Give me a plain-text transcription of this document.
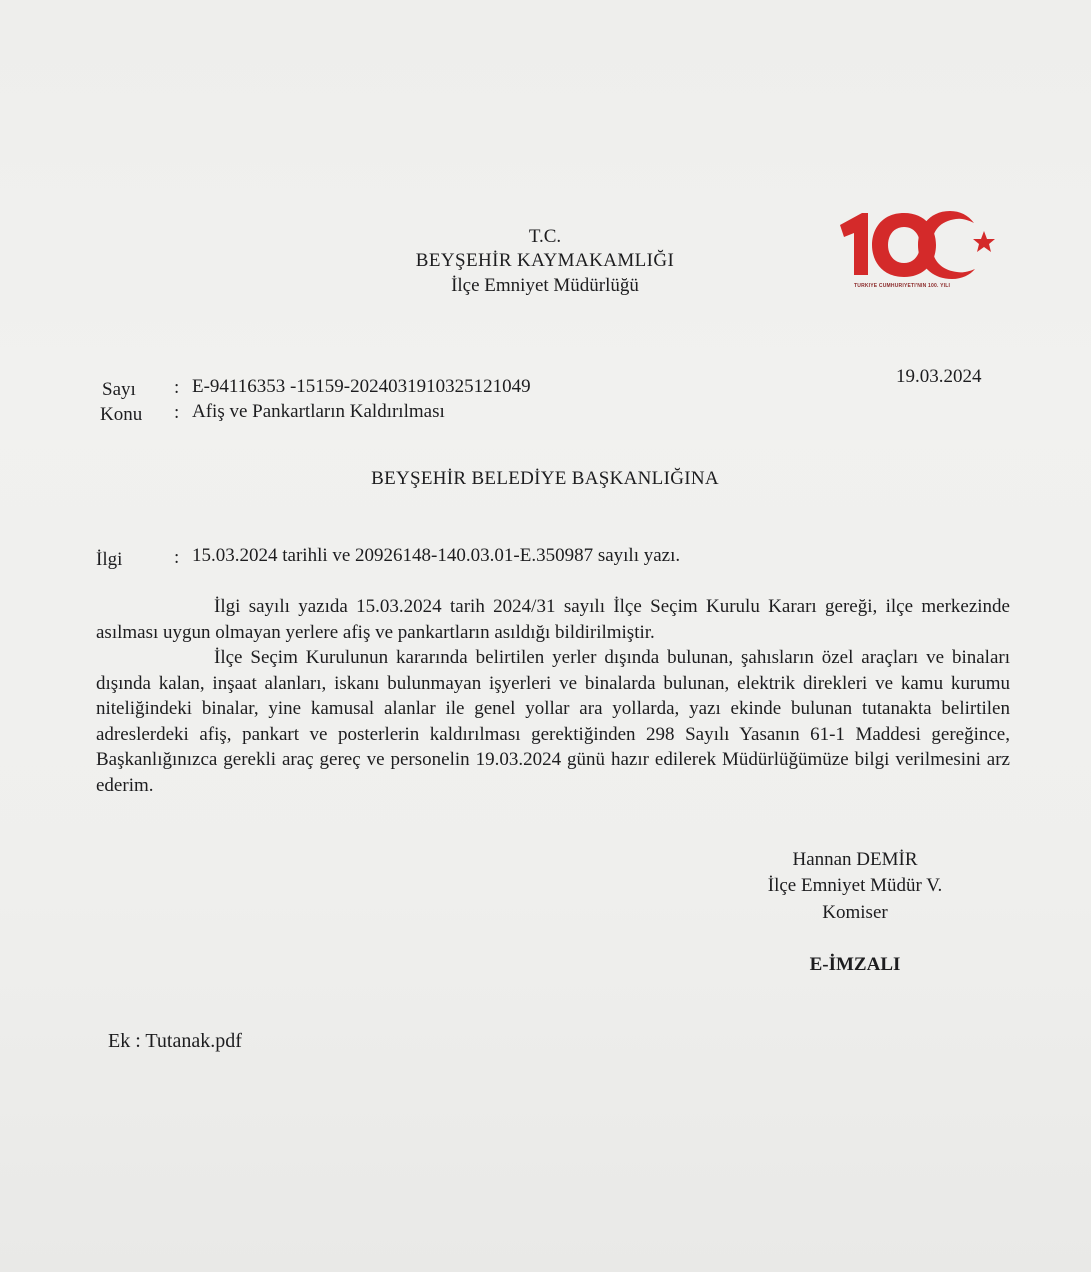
T.C.
BEYŞEHİR KAYMAKAMLIĞI
İlçe Emniyet Müdürlüğü	TÜRKİYE CUMHURİYETİ'NİN 100. YILI
19.03.2024
Sayı : E-94116353 -15159-20240319103251​21049
Konu : Afiş ve Pankartların Kaldırılması
BEYŞEHİR BELEDİYE BAŞKANLIĞINA
İlgi	: 15.03.2024 tarihli ve 20926148-140.03.01-E.350987 sayılı yazı.

İlgi sayılı yazıda 15.03.2024 tarih 2024/31 sayılı İlçe Seçim Kurulu Kararı gereği, ilçe merkezinde asılması uygun olmayan yerlere afiş ve pankartların asıldığı bildirilmiştir.

İlçe Seçim Kurulunun kararında belirtilen yerler dışında bulunan, şahısların özel araçları ve binaları dışında kalan, inşaat alanları, iskanı bulunmayan işyerleri ve binalarda bulunan, elektrik direkleri ve kamu kurumu niteliğindeki binalar, yine kamusal alanlar ile genel yollar ara yollarda, yazı ekinde bulunan tutanakta belirtilen adreslerdeki afiş, pankart ve posterlerin kaldırılması gerektiğinden 298 Sayılı Yasanın 61-1 Maddesi gereğince, Başkanlığınızca gerekli araç gereç ve personelin 19.03.2024 günü hazır edilerek Müdürlüğümüze bilgi verilmesini arz ederim.

Hannan DEMİR
İlçe Emniyet Müdür V.
Komiser
E-İMZALI
Ek : Tutanak.pdf
